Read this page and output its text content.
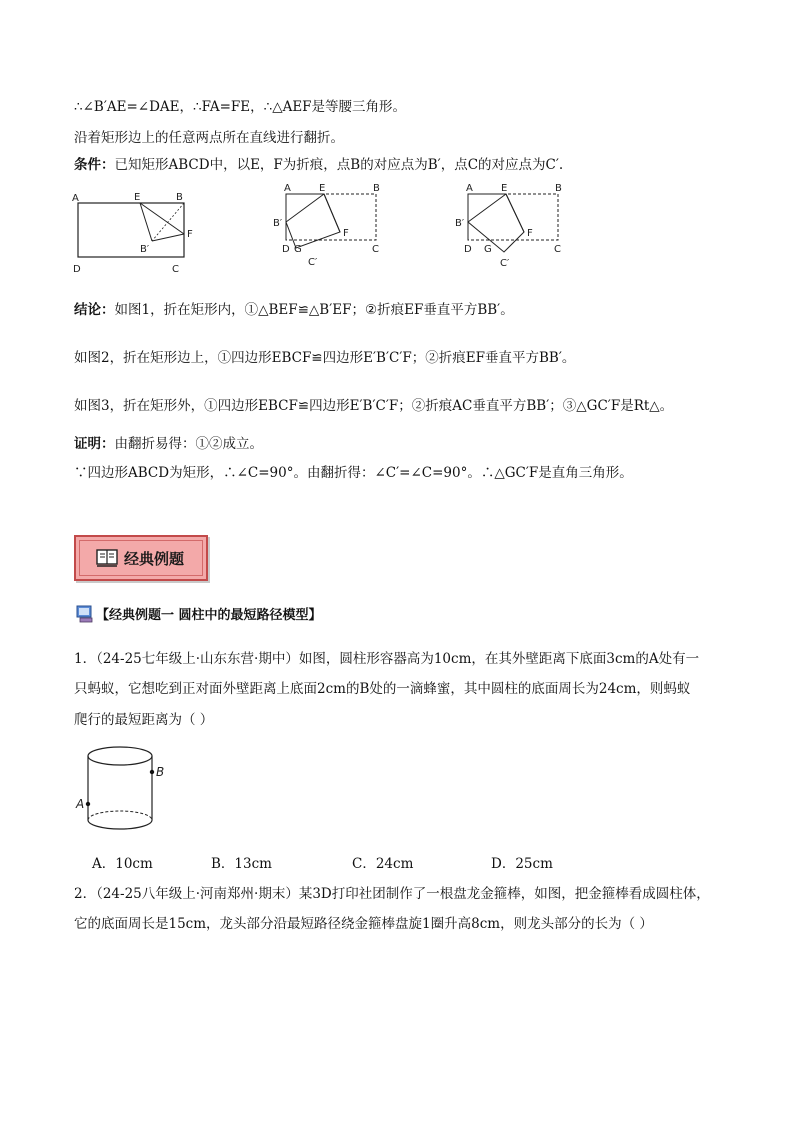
∴∠B′AE=∠DAE，∴FA=FE，∴△AEF是等腰三角形。
沿着矩形边上的任意两点所在直线进行翻折。
条件：已知矩形ABCD中，以E，F为折痕，点B的对应点为B′，点C的对应点为C′.
A	E	B
F
B′
D	C
A	E	B
B′
F
D G	C
C′
A	E	B
B′
F
D G	C
C′
结论：如图1，折在矩形内，①△BEF≌△B′EF；②折痕EF垂直平方BB′。
如图2，折在矩形边上，①四边形EBCF≌四边形E′B′C′F；②折痕EF垂直平方BB′。
如图3，折在矩形外，①四边形EBCF≌四边形E′B′C′F；②折痕AC垂直平方BB′；③△GC′F是Rt△。
证明：由翻折易得：①②成立。
∵四边形ABCD为矩形，∴∠C=90°。由翻折得：∠C′=∠C=90°。∴△GC′F是直角三角形。
经典例题
【经典例题一 圆柱中的最短路径模型】
1．（24-25七年级上·山东东营·期中）如图，圆柱形容器高为10cm，在其外壁距离下底面3cm的A处有一
只蚂蚁，它想吃到正对面外壁距离上底面2cm的B处的一滴蜂蜜，其中圆柱的底面周长为24cm，则蚂蚁
爬行的最短距离为（ ）
A
B
A．10cm	B．13cm	C．24cm	D．25cm
2．（24-25八年级上·河南郑州·期末）某3D打印社团制作了一根盘龙金箍棒，如图，把金箍棒看成圆柱体，
它的底面周长是15cm，龙头部分沿最短路径绕金箍棒盘旋1圈升高8cm，则龙头部分的长为（ ）
